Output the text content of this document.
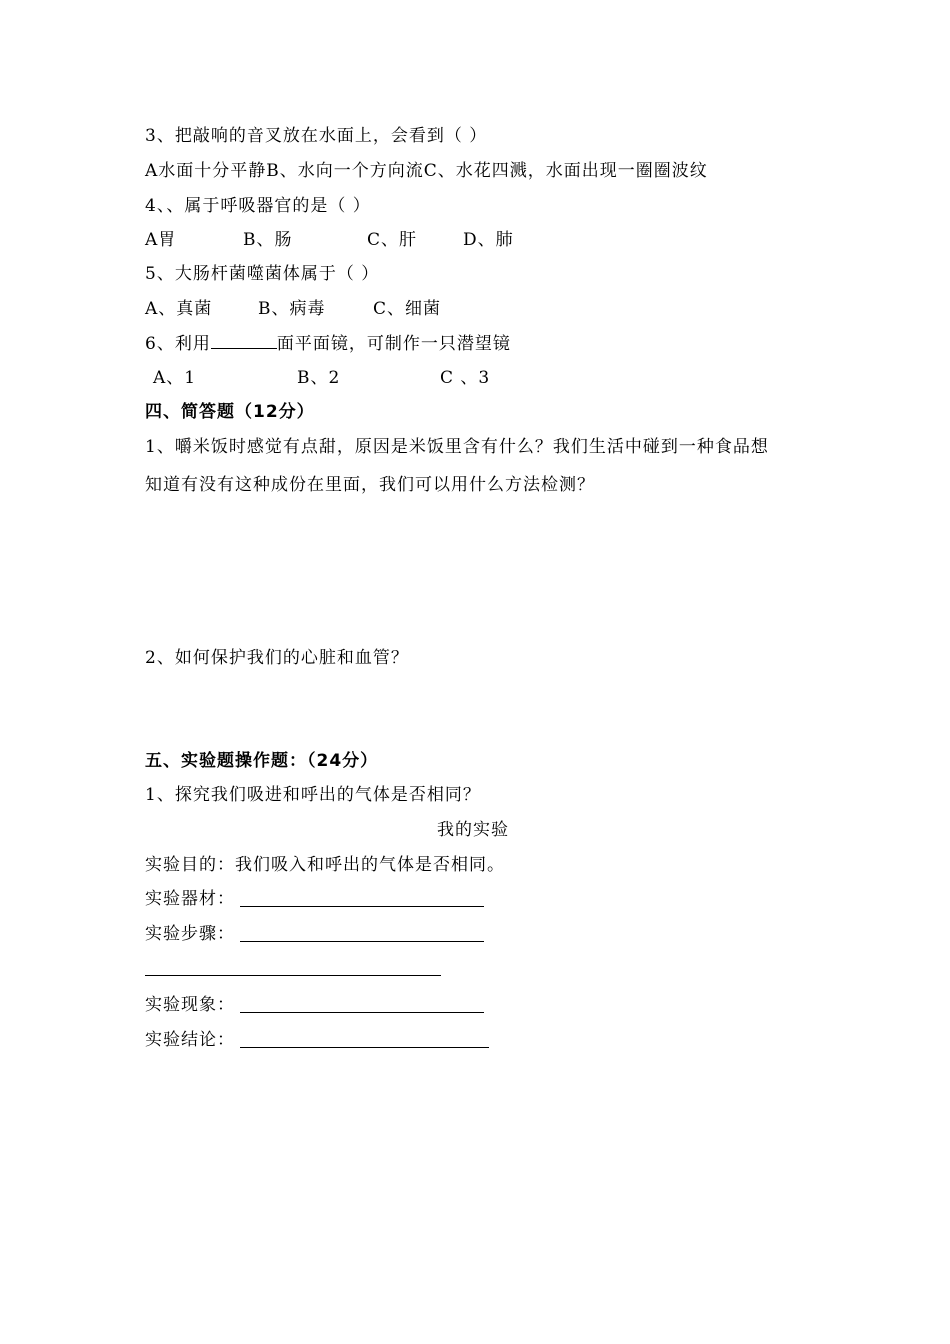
3、把敲响的音叉放在水面上，会看到（ ）
A水面十分平静B、水向一个方向流C、水花四溅，水面出现一圈圈波纹
4、、属于呼吸器官的是（ ）
A胃	B、肠	C、肝	D、肺
5、大肠杆菌噬菌体属于（ ）
A、真菌	B、病毒	C、细菌
6、利用	面平面镜，可制作一只潜望镜
A、1	B、2	C 、3
四、简答题（12分）
1、嚼米饭时感觉有点甜，原因是米饭里含有什么？我们生活中碰到一种食品想
知道有没有这种成份在里面，我们可以用什么方法检测？
2、如何保护我们的心脏和血管？
五、实验题操作题：（24分）
1、探究我们吸进和呼出的气体是否相同？
我的实验
实验目的：我们吸入和呼出的气体是否相同。
实验器材：
实验步骤：
实验现象：
实验结论：
